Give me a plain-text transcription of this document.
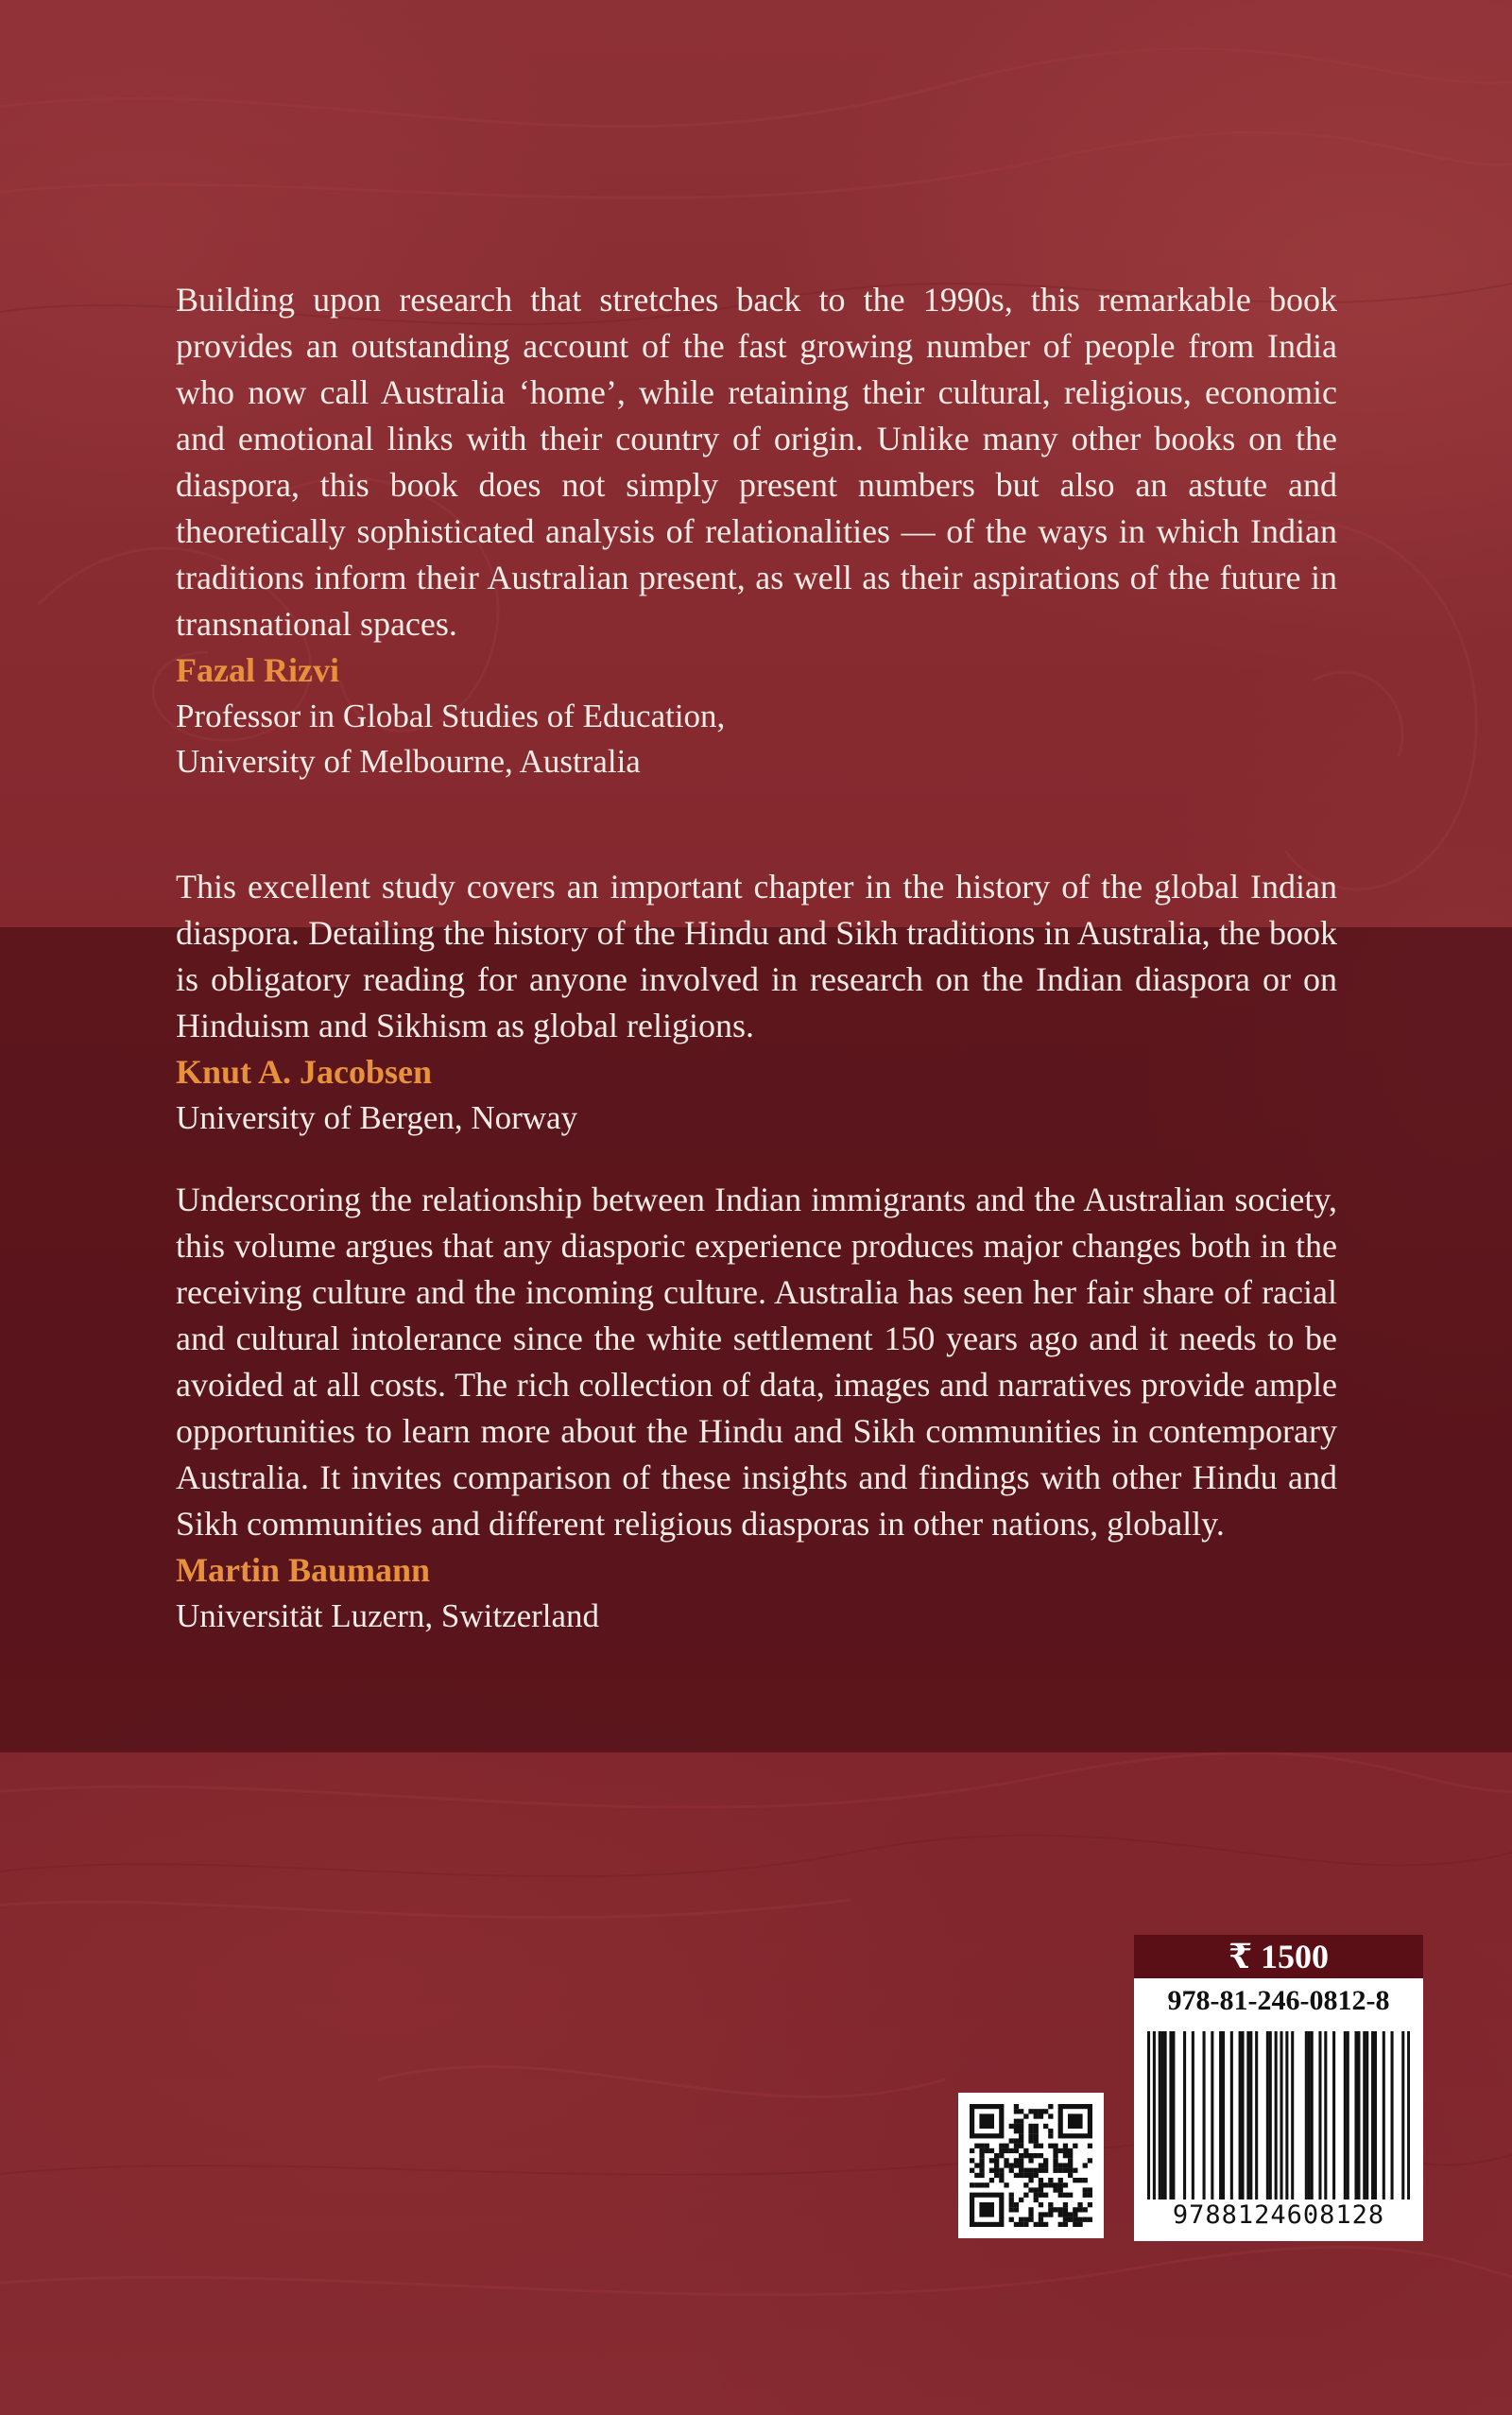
Building upon research that stretches back to the 1990s, this remarkable book provides an outstanding account of the fast growing number of people from India who now call Australia ‘home’, while retaining their cultural, religious, economic and emotional links with their country of origin. Unlike many other books on the diaspora, this book does not simply present numbers but also an astute and theoretically sophisticated analysis of relationalities — of the ways in which Indian traditions inform their Australian present, as well as their aspirations of the future in transnational spaces.

Fazal Rizvi
Professor in Global Studies of Education,
University of Melbourne, Australia

This excellent study covers an important chapter in the history of the global Indian diaspora. Detailing the history of the Hindu and Sikh traditions in Australia, the book is obligatory reading for anyone involved in research on the Indian diaspora or on Hinduism and Sikhism as global religions.

Knut A. Jacobsen
University of Bergen, Norway

Underscoring the relationship between Indian immigrants and the Australian society, this volume argues that any diasporic experience produces major changes both in the receiving culture and the incoming culture. Australia has seen her fair share of racial and cultural intolerance since the white settlement 150 years ago and it needs to be avoided at all costs. The rich collection of data, images and narratives provide ample opportunities to learn more about the Hindu and Sikh communities in contemporary Australia. It invites comparison of these insights and findings with other Hindu and Sikh communities and different religious diasporas in other nations, globally.

Martin Baumann
Universität Luzern, Switzerland

₹ 1500
978-81-246-0812-8
9788124608128
